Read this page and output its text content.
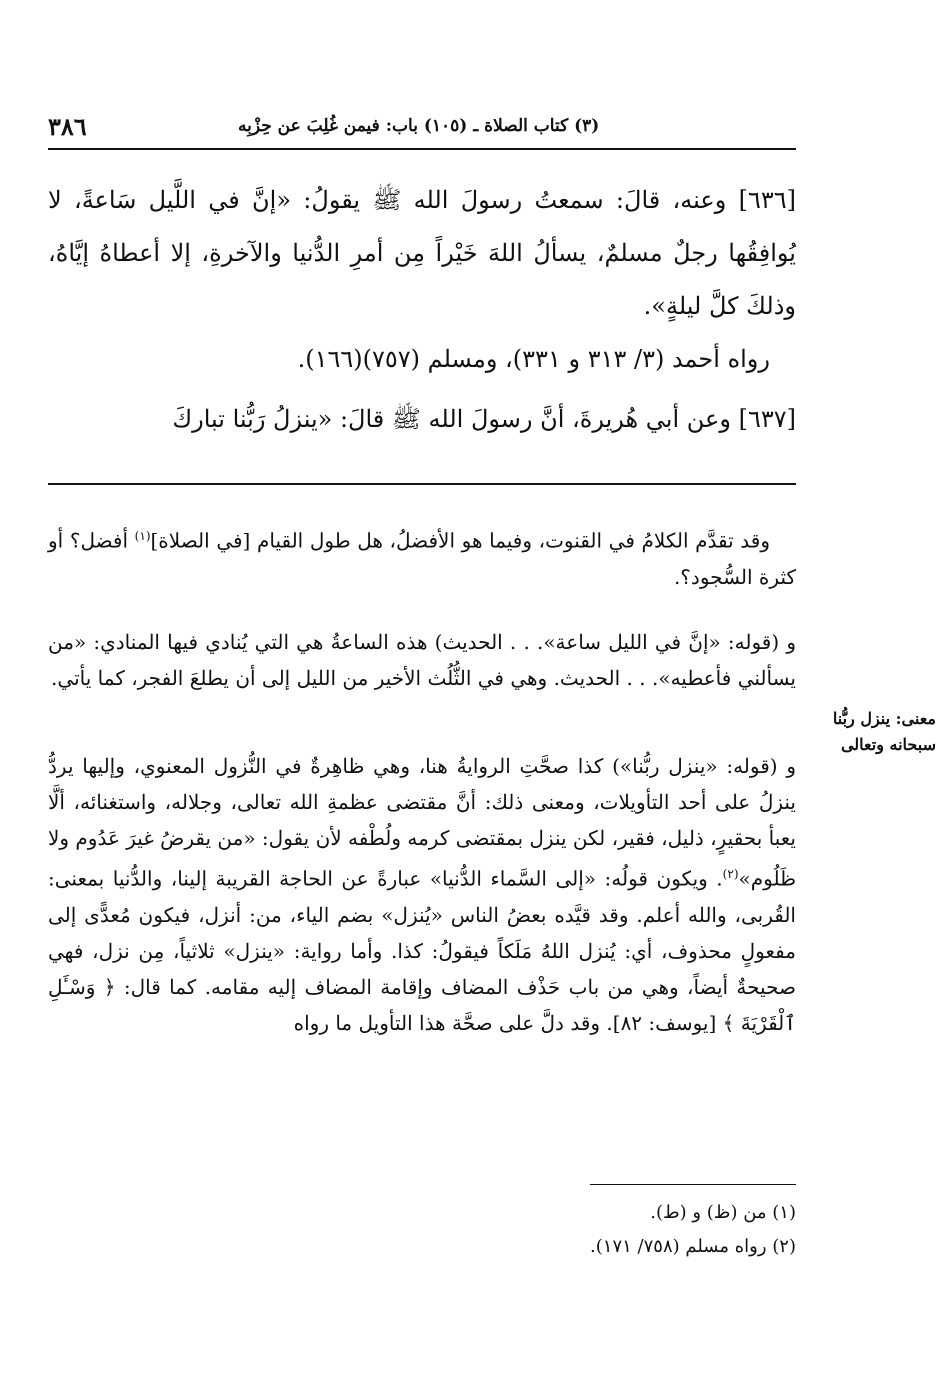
٣٨٦	(٣) كتاب الصلاة ـ (١٠٥) باب: فيمن غُلِبَ عن حِزْبِه
[٦٣٦] وعنه، قالَ: سمعتُ رسولَ الله ﷺ يقولُ: «إنَّ في اللَّيل سَاعةً، لا يُوافِقُها رجلٌ مسلمٌ، يسألُ اللهَ خَيْراً مِن أمرِ الدُّنيا والآخرةِ، إلا أعطاهُ إيَّاهُ، وذلكَ كلَّ ليلةٍ».
رواه أحمد (٣/ ٣١٣ و ٣٣١)، ومسلم (٧٥٧)(١٦٦).
[٦٣٧] وعن أبي هُريرةَ، أنَّ رسولَ الله ﷺ قالَ: «ينزلُ رَبُّنا تباركَ
وقد تقدَّم الكلامُ في القنوت، وفيما هو الأفضلُ، هل طول القيام [في الصلاة]$^{(١)}$ أفضل؟ أو كثرة السُّجود؟.
و (قوله: «إنَّ في الليل ساعة». . . الحديث) هذه الساعةُ هي التي يُنادي فيها المنادي: «من يسألني فأعطيه». . . الحديث. وهي في الثُّلُث الأخير من الليل إلى أن يطلعَ الفجر، كما يأتي.
معنى: ينزل ربُّنا سبحانه وتعالى
و (قوله: «ينزل ربُّنا») كذا صحَّتِ الروايةُ هنا، وهي ظاهِرةٌ في النُّزول المعنوي، وإليها يردُّ ينزلُ على أحد التأويلات، ومعنى ذلك: أنَّ مقتضى عظمةِ الله تعالى، وجلاله، واستغنائه، ألَّا يعبأ بحقيرٍ، ذليل، فقير، لكن ينزل بمقتضى كرمه ولُطْفه لأن يقول: «من يقرضُ غيرَ عَدُوم ولا ظَلُوم»$^{(٢)}$. ويكون قولُه: «إلى السَّماء الدُّنيا» عبارةً عن الحاجة القريبة إلينا، والدُّنيا بمعنى: القُربى، والله أعلم. وقد قيَّده بعضُ الناس «يُنزل» بضم الياء، من: أنزل، فيكون مُعدًّى إلى مفعولٍ محذوف، أي: يُنزل اللهُ مَلَكاً فيقولُ: كذا. وأما رواية: «ينزل» ثلاثياً، مِن نزل، فهي صحيحةٌ أيضاً، وهي من باب حَذْف المضاف وإقامة المضاف إليه مقامه. كما قال: ﴿ وَسْـَٔلِ ٱلْقَرْيَةَ ﴾ [يوسف: ٨٢]. وقد دلَّ على صحَّة هذا التأويل ما رواه
(١) من (ظ) و (ط).
(٢) رواه مسلم (٧٥٨/ ١٧١).
